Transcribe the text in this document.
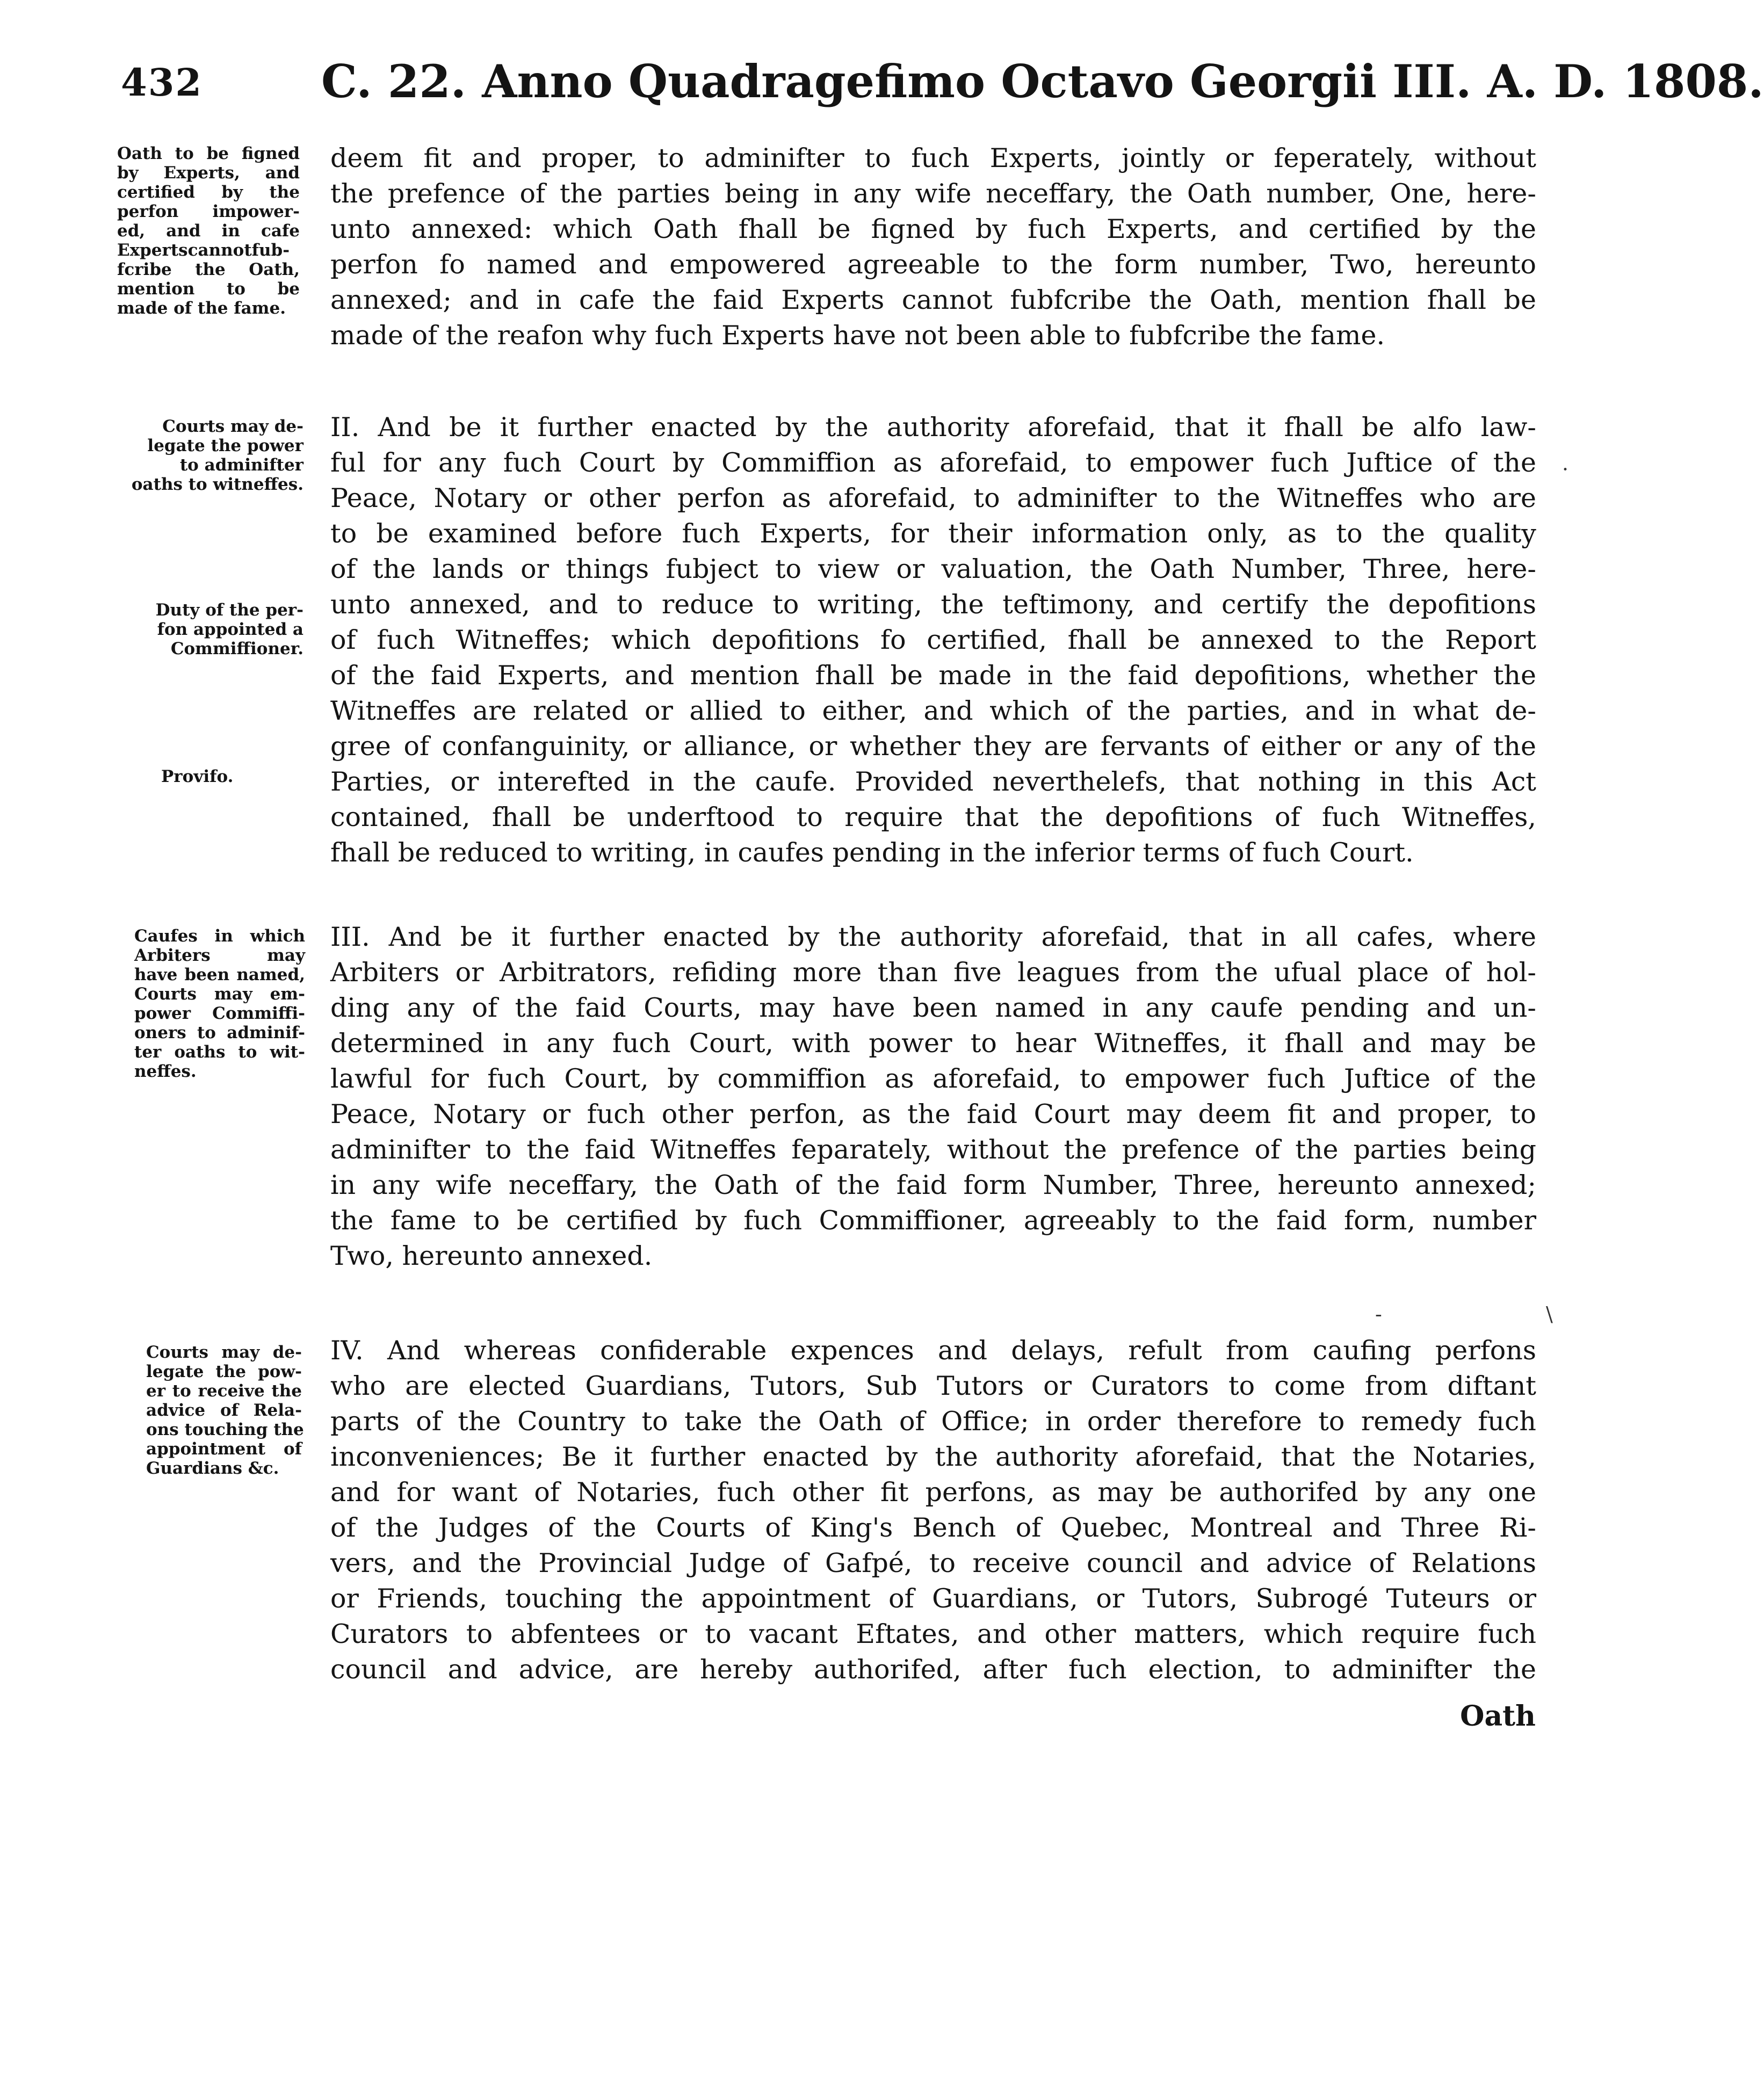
432	C. 22. Anno Quadragefimo Octavo Georgii III. A. D. 1808.
Oath to be figned
by Experts, and
certified by the
perfon impower-
ed, and in cafe
Expertscannotfub-
fcribe the Oath,
mention to be
made of the fame.
Courts may de-
legate the power
to adminifter
oaths to witneffes.
Duty of the per-
fon appointed a
Commiffioner.
Provifo.
Caufes in which
Arbiters may
have been named,
Courts may em-
power Commiffi-
oners to adminif-
ter oaths to wit-
neffes.
Courts may de-
legate the pow-
er to receive the
advice of Rela-
ons touching the
appointment of
Guardians &c.
deem fit and proper, to adminifter to fuch Experts, jointly or feperately, without
the prefence of the parties being in any wife neceffary, the Oath number, One, here-
unto annexed: which Oath fhall be figned by fuch Experts, and certified by the
perfon fo named and empowered agreeable to the form number, Two, hereunto
annexed; and in cafe the faid Experts cannot fubfcribe the Oath, mention fhall be
made of the reafon why fuch Experts have not been able to fubfcribe the fame.
II. And be it further enacted by the authority aforefaid, that it fhall be alfo law-
ful for any fuch Court by Commiffion as aforefaid, to empower fuch Juftice of the
Peace, Notary or other perfon as aforefaid, to adminifter to the Witneffes who are
to be examined before fuch Experts, for their information only, as to the quality
of the lands or things fubject to view or valuation, the Oath Number, Three, here-
unto annexed, and to reduce to writing, the teftimony, and certify the depofitions
of fuch Witneffes; which depofitions fo certified, fhall be annexed to the Report
of the faid Experts, and mention fhall be made in the faid depofitions, whether the
Witneffes are related or allied to either, and which of the parties, and in what de-
gree of confanguinity, or alliance, or whether they are fervants of either or any of the
Parties, or interefted in the caufe. Provided neverthelefs, that nothing in this Act
contained, fhall be underftood to require that the depofitions of fuch Witneffes,
fhall be reduced to writing, in caufes pending in the inferior terms of fuch Court.
III. And be it further enacted by the authority aforefaid, that in all cafes, where
Arbiters or Arbitrators, refiding more than five leagues from the ufual place of hol-
ding any of the faid Courts, may have been named in any caufe pending and un-
determined in any fuch Court, with power to hear Witneffes, it fhall and may be
lawful for fuch Court, by commiffion as aforefaid, to empower fuch Juftice of the
Peace, Notary or fuch other perfon, as the faid Court may deem fit and proper, to
adminifter to the faid Witneffes feparately, without the prefence of the parties being
in any wife neceffary, the Oath of the faid form Number, Three, hereunto annexed;
the fame to be certified by fuch Commiffioner, agreeably to the faid form, number
Two, hereunto annexed.
IV. And whereas confiderable expences and delays, refult from caufing perfons
who are elected Guardians, Tutors, Sub Tutors or Curators to come from diftant
parts of the Country to take the Oath of Office; in order therefore to remedy fuch
inconveniences; Be it further enacted by the authority aforefaid, that the Notaries,
and for want of Notaries, fuch other fit perfons, as may be authorifed by any one
of the Judges of the Courts of King's Bench of Quebec, Montreal and Three Ri-
vers, and the Provincial Judge of Gafpé, to receive council and advice of Relations
or Friends, touching the appointment of Guardians, or Tutors, Subrogé Tuteurs or
Curators to abfentees or to vacant Eftates, and other matters, which require fuch
council and advice, are hereby authorifed, after fuch election, to adminifter the
Oath
·
\
-
